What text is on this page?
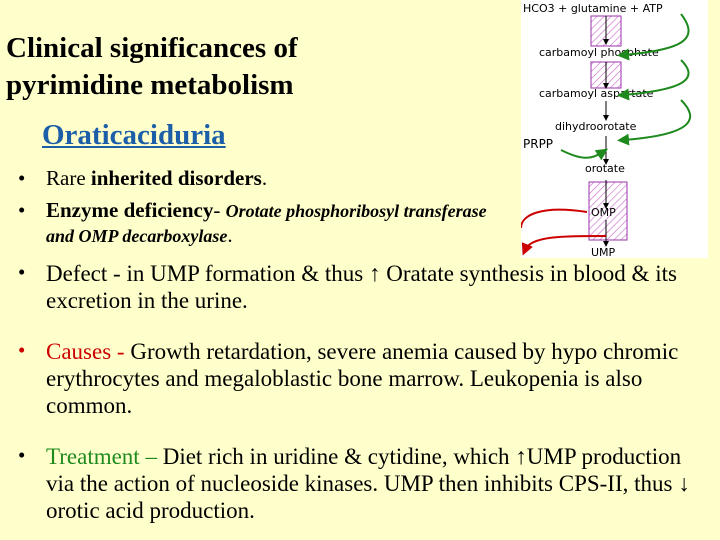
Clinical significances of pyrimidine metabolism
Oraticaciduria
• Rare inherited disorders.
• Enzyme deficiency- Orotate phosphoribosyl transferase and OMP decarboxylase.
• Defect - in UMP formation & thus ↑ Oratate synthesis in blood & its excretion in the urine.
• Causes - Growth retardation, severe anemia caused by hypo chromic erythrocytes and megaloblastic bone marrow. Leukopenia is also common.
• Treatment – Diet rich in uridine & cytidine, which ↑UMP production via the action of nucleoside kinases. UMP then inhibits CPS-II, thus ↓ orotic acid production.
HCO3 + glutamine + ATP
carbamoyl phosphate
carbamoyl aspartate
dihydroorotate
PRPP
orotate
OMP
UMP
